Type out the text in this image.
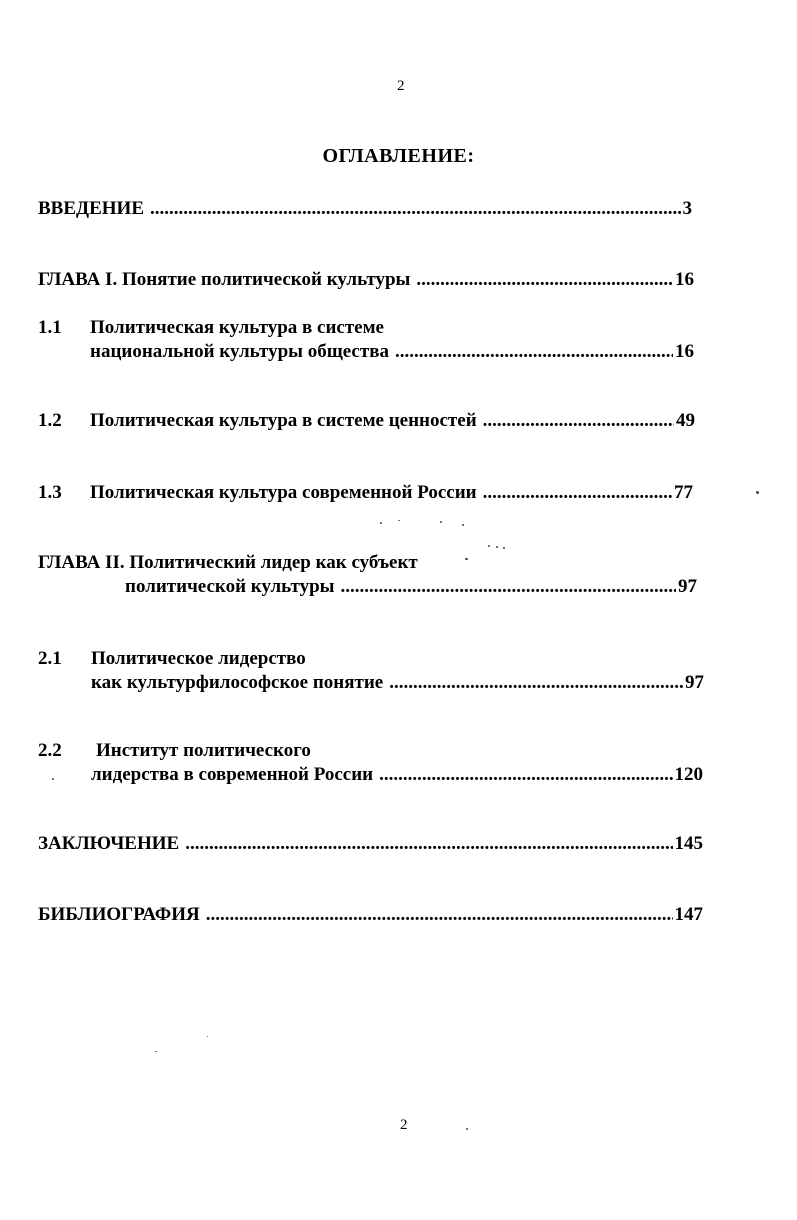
2
ОГЛАВЛЕНИЕ:
ВВЕДЕНИЕ .....	3
ГЛАВА I. Понятие политической культуры .....	16
1.1 Политическая культура в системе
национальной культуры общества .....	16
1.2	Политическая культура в системе ценностей .....	49
1.3	Политическая культура современной России .....	77
ГЛАВА II. Политический лидер как субъект
политической культуры .....	97
2.1 Политическое лидерство
как культурфилософское понятие .....	97
2.2 Институт политического
лидерства в современной России .....	120
ЗАКЛЮЧЕНИЕ .....	145
БИБЛИОГРАФИЯ .....	147
2
